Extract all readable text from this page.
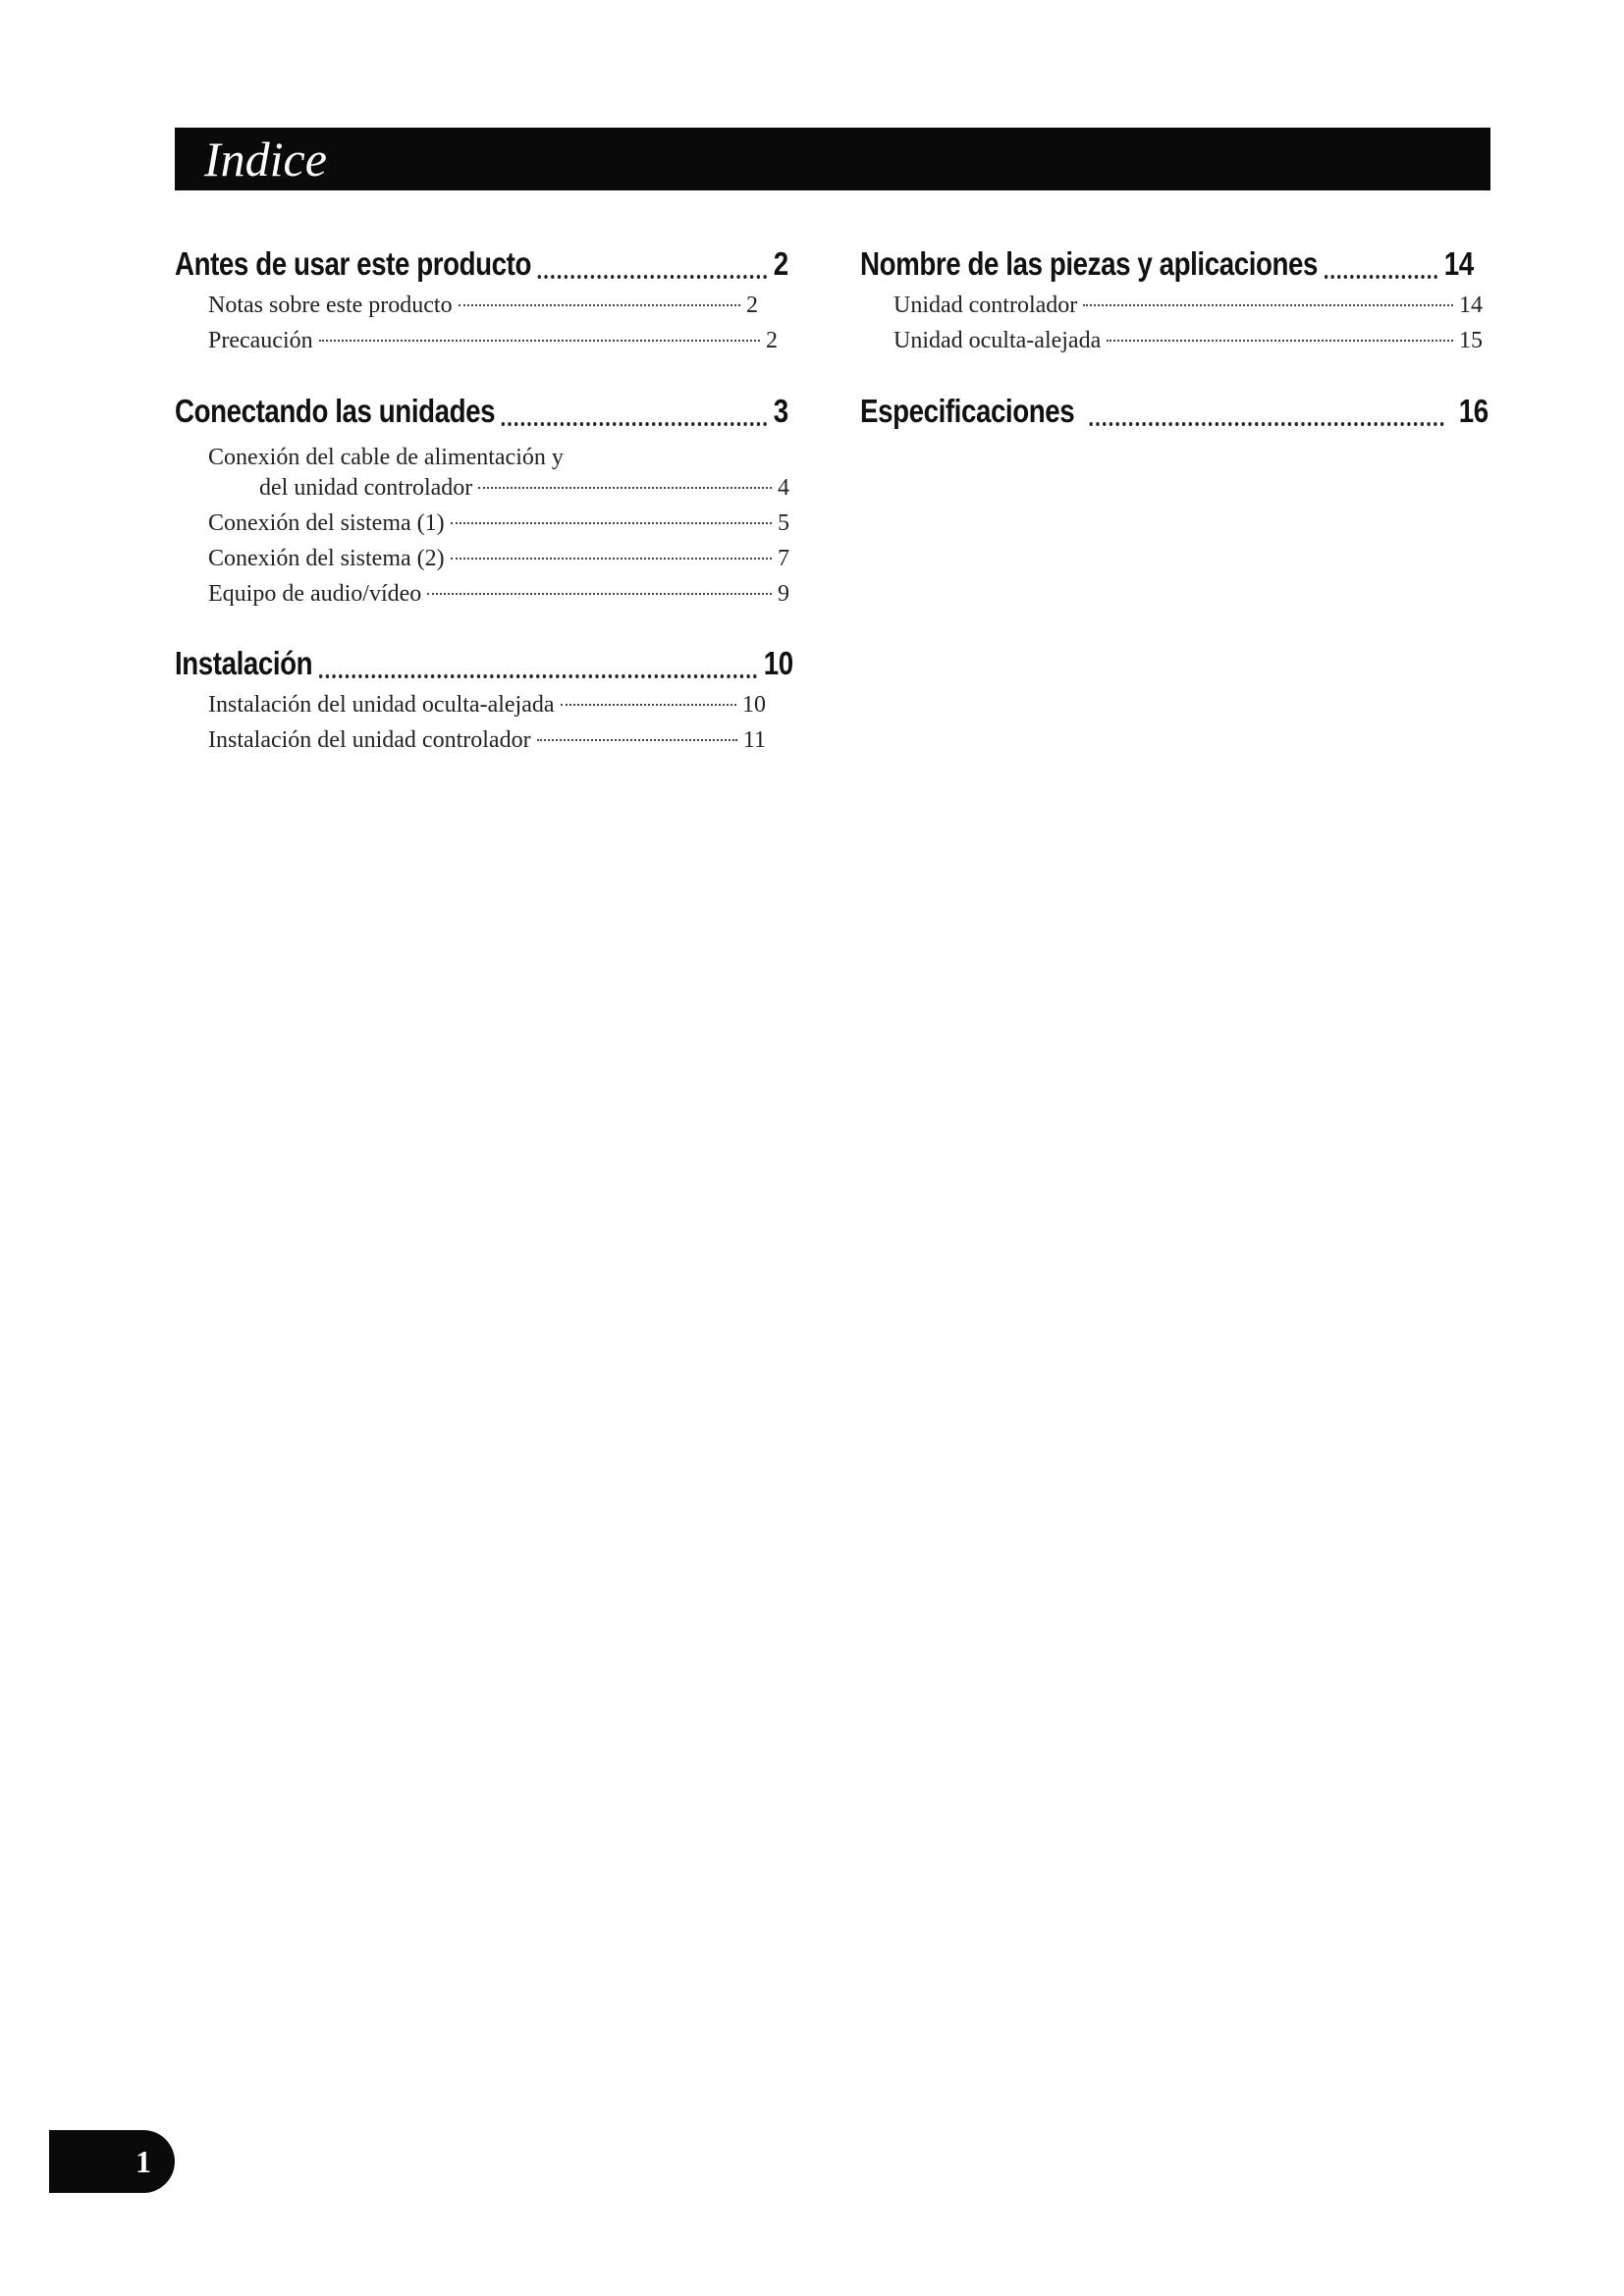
Indice
Antes de usar este producto	2
Notas sobre este producto	2
Precaución	2
Conectando las unidades	3
Conexión del cable de alimentación y
del unidad controlador	4
Conexión del sistema (1)	5
Conexión del sistema (2)	7
Equipo de audio/vídeo	9
Instalación	10
Instalación del unidad oculta-alejada	10
Instalación del unidad controlador	11
Nombre de las piezas y aplicaciones	14
Unidad controlador	14
Unidad oculta-alejada	15
Especificaciones	16
1
